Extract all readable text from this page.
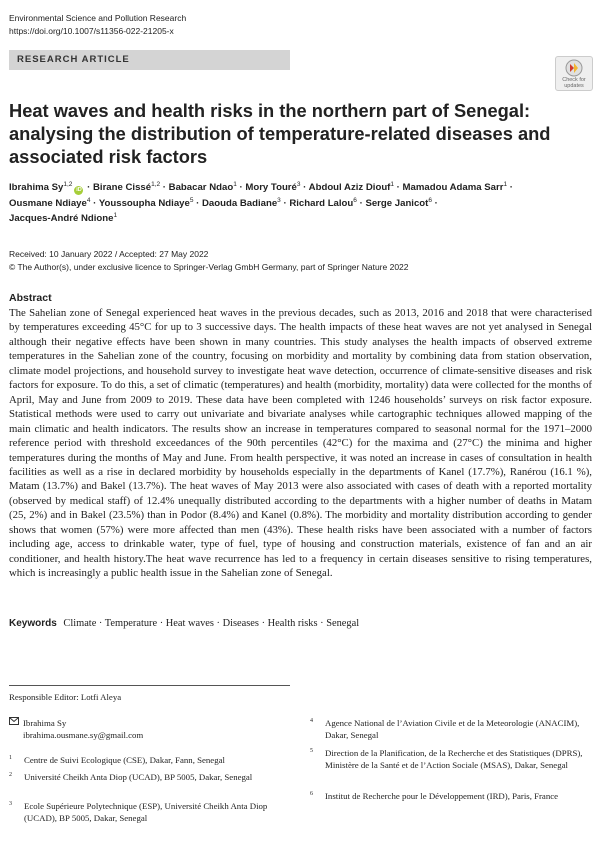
Environmental Science and Pollution Research
https://doi.org/10.1007/s11356-022-21205-x
RESEARCH ARTICLE
Check for
updates
Heat waves and health risks in the northern part of Senegal: analysing the distribution of temperature-related diseases and associated risk factors
Ibrahima Sy$^{1,2}$iD · Birane Cissé$^{1,2}$ · Babacar Ndao$^1$ · Mory Touré$^3$ · Abdoul Aziz Diouf$^1$ · Mamadou Adama Sarr$^1$ ·
Ousmane Ndiaye$^4$ · Youssoupha Ndiaye$^5$ · Daouda Badiane$^3$ · Richard Lalou$^6$ · Serge Janicot$^6$ ·
Jacques-André Ndione$^1$
Received: 10 January 2022 / Accepted: 27 May 2022
© The Author(s), under exclusive licence to Springer-Verlag GmbH Germany, part of Springer Nature 2022
Abstract
The Sahelian zone of Senegal experienced heat waves in the previous decades, such as 2013, 2016 and 2018 that were characterised by temperatures exceeding 45°C for up to 3 successive days. The health impacts of these heat waves are not yet analysed in Senegal although their negative effects have been shown in many countries. This study analyses the health impacts of observed extreme temperatures in the Sahelian zone of the country, focusing on morbidity and mortality by combining data from station observation, climate model projections, and household survey to investigate heat wave detection, occurrence of climate-sensitive diseases and risk factors for exposure. To do this, a set of climatic (temperatures) and health (morbidity, mortality) data were collected for the months of April, May and June from 2009 to 2019. These data have been completed with 1246 households’ surveys on risk factor exposure. Statistical methods were used to carry out univariate and bivariate analyses while cartographic techniques allowed mapping of the main climatic and health indicators. The results show an increase in temperatures compared to seasonal normal for the 1971–2000 reference period with threshold exceedances of the 90th percentiles (42°C) for the maxima and (27°C) the minima and higher temperatures during the months of May and June. From health perspective, it was noted an increase in cases of consultation in health facilities as well as a rise in declared morbidity by households especially in the departments of Kanel (17.7%), Ranérou (16.1 %), Matam (13.7%) and Bakel (13.7%). The heat waves of May 2013 were also associated with cases of death with a reported mortality (observed by medical staff) of 12.4% unequally distributed according to the departments with a higher number of deaths in Matam (25, 2%) and in Bakel (23.5%) than in Podor (8.4%) and Kanel (0.8%). The morbidity and mortality distribution according to gender shows that women (57%) were more affected than men (43%). These health risks have been associated with a number of factors including age, access to drinkable water, type of fuel, type of housing and construction materials, existence of fan and an air conditioner, and health history.The heat wave recurrence has led to a frequency in certain diseases sensitive to rising temperatures, which is increasingly a public health issue in the Sahelian zone of Senegal.
Keywords Climate · Temperature · Heat waves · Diseases · Health risks · Senegal
Responsible Editor: Lotfi Aleya
Ibrahima Sy
ibrahima.ousmane.sy@gmail.com
1 Centre de Suivi Ecologique (CSE), Dakar, Fann, Senegal
2 Université Cheikh Anta Diop (UCAD), BP 5005, Dakar, Senegal
3 Ecole Supérieure Polytechnique (ESP), Université Cheikh Anta Diop (UCAD), BP 5005, Dakar, Senegal
4 Agence National de l’Aviation Civile et de la Meteorologie (ANACIM), Dakar, Senegal
5 Direction de la Planification, de la Recherche et des Statistiques (DPRS), Ministère de la Santé et de l’Action Sociale (MSAS), Dakar, Senegal
6 Institut de Recherche pour le Développement (IRD), Paris, France
